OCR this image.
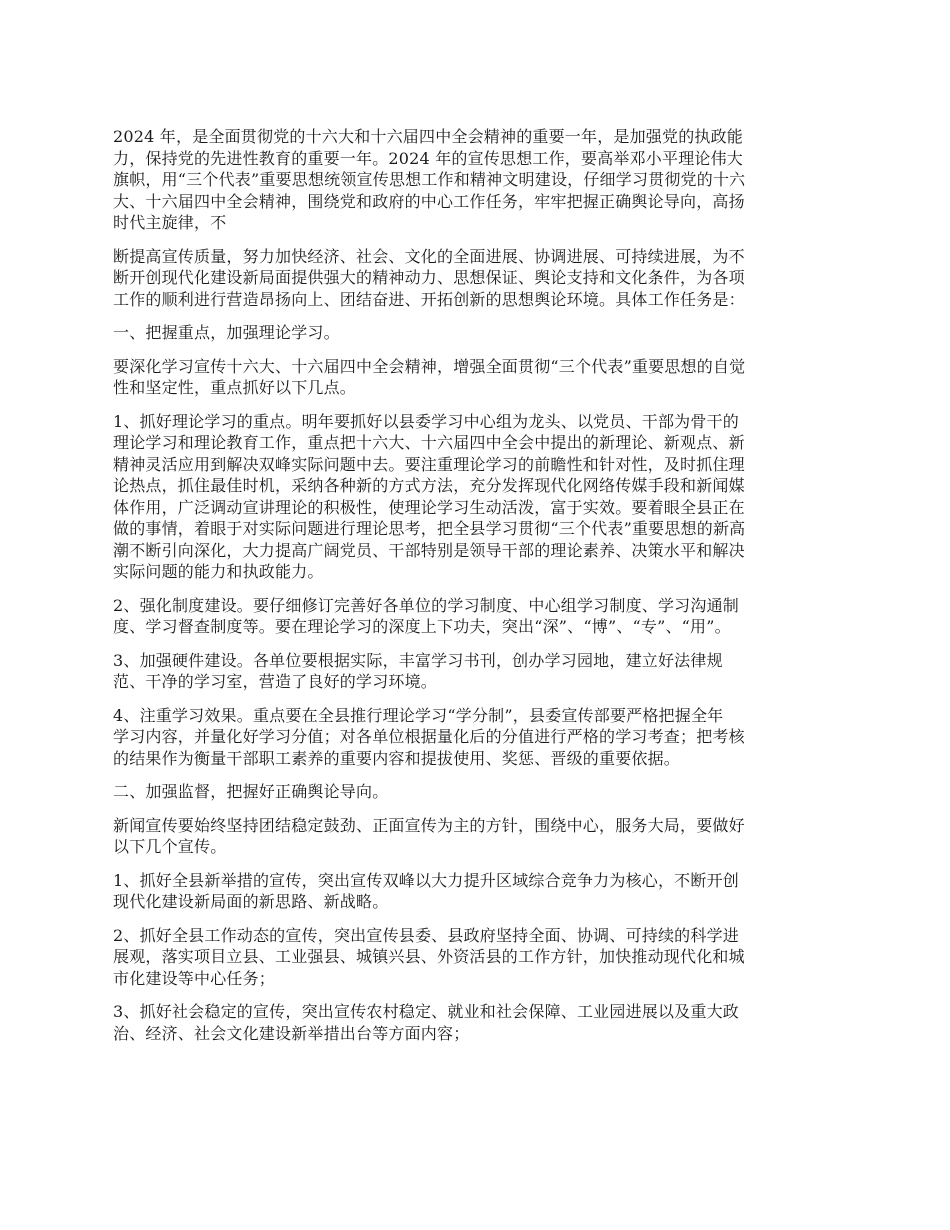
2024 年，是全面贯彻党的十六大和十六届四中全会精神的重要一年，是加强党的执政能
力，保持党的先进性教育的重要一年。2024 年的宣传思想工作，要高举邓小平理论伟大
旗帜，用“三个代表”重要思想统领宣传思想工作和精神文明建设，仔细学习贯彻党的十六
大、十六届四中全会精神，围绕党和政府的中心工作任务，牢牢把握正确舆论导向，高扬
时代主旋律，不
断提高宣传质量，努力加快经济、社会、文化的全面进展、协调进展、可持续进展，为不
断开创现代化建设新局面提供强大的精神动力、思想保证、舆论支持和文化条件，为各项
工作的顺利进行营造昂扬向上、团结奋进、开拓创新的思想舆论环境。具体工作任务是：
一、把握重点，加强理论学习。
要深化学习宣传十六大、十六届四中全会精神，增强全面贯彻“三个代表”重要思想的自觉
性和坚定性，重点抓好以下几点。
1、抓好理论学习的重点。明年要抓好以县委学习中心组为龙头、以党员、干部为骨干的
理论学习和理论教育工作，重点把十六大、十六届四中全会中提出的新理论、新观点、新
精神灵活应用到解决双峰实际问题中去。要注重理论学习的前瞻性和针对性，及时抓住理
论热点，抓住最佳时机，采纳各种新的方式方法，充分发挥现代化网络传媒手段和新闻媒
体作用，广泛调动宣讲理论的积极性，使理论学习生动活泼，富于实效。要着眼全县正在
做的事情，着眼于对实际问题进行理论思考，把全县学习贯彻“三个代表”重要思想的新高
潮不断引向深化，大力提高广阔党员、干部特别是领导干部的理论素养、决策水平和解决
实际问题的能力和执政能力。
2、强化制度建设。要仔细修订完善好各单位的学习制度、中心组学习制度、学习沟通制
度、学习督查制度等。要在理论学习的深度上下功夫，突出“深”、“博”、“专”、“用”。
3、加强硬件建设。各单位要根据实际，丰富学习书刊，创办学习园地，建立好法律规
范、干净的学习室，营造了良好的学习环境。
4、注重学习效果。重点要在全县推行理论学习“学分制”，县委宣传部要严格把握全年
学习内容，并量化好学习分值；对各单位根据量化后的分值进行严格的学习考查；把考核
的结果作为衡量干部职工素养的重要内容和提拔使用、奖惩、晋级的重要依据。
二、加强监督，把握好正确舆论导向。
新闻宣传要始终坚持团结稳定鼓劲、正面宣传为主的方针，围绕中心，服务大局，要做好
以下几个宣传。
1、抓好全县新举措的宣传，突出宣传双峰以大力提升区域综合竞争力为核心，不断开创
现代化建设新局面的新思路、新战略。
2、抓好全县工作动态的宣传，突出宣传县委、县政府坚持全面、协调、可持续的科学进
展观，落实项目立县、工业强县、城镇兴县、外资活县的工作方针，加快推动现代化和城
市化建设等中心任务；
3、抓好社会稳定的宣传，突出宣传农村稳定、就业和社会保障、工业园进展以及重大政
治、经济、社会文化建设新举措出台等方面内容；
